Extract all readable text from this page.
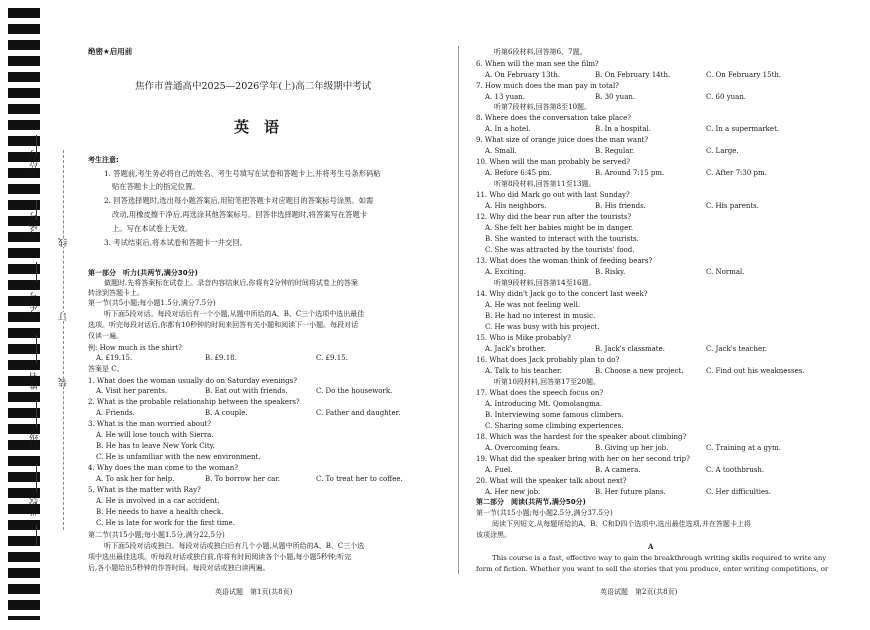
座位号
考场号
考生号
姓名
班级
学校
线
订
装
绝密★启用前
焦作市普通高中2025—2026学年(上)高二年级期中考试
英　语
考生注意:
1. 答题前,考生务必将自己的姓名、考生号填写在试卷和答题卡上,并将考生号条形码粘
贴在答题卡上的指定位置。
2. 回答选择题时,选出每小题答案后,用铅笔把答题卡对应题目的答案标号涂黑。如需
改动,用橡皮擦干净后,再选涂其他答案标号。回答非选择题时,将答案写在答题卡
上。写在本试卷上无效。
3. 考试结束后,将本试卷和答题卡一并交回。
第一部分　听力(共两节,满分30分)
做题时,先将答案标在试卷上。录音内容结束后,你将有2分钟的时间将试卷上的答案
转涂到答题卡上。
第一节(共5小题;每小题1.5分,满分7.5分)
听下面5段对话。每段对话后有一个小题,从题中所给的A、B、C三个选项中选出最佳
选项。听完每段对话后,你都有10秒钟的时间来回答有关小题和阅读下一小题。每段对话
仅读一遍。
例: How much is the shirt?
A. £19.15.	B. £9.18.	C. £9.15.
答案是 C。
1. What does the woman usually do on Saturday evenings?
A. Visit her parents.	B. Eat out with friends.	C. Do the housework.
2. What is the probable relationship between the speakers?
A. Friends.	B. A couple.	C. Father and daughter.
3. What is the man worried about?
A. He will lose touch with Sierra.
B. He has to leave New York City.
C. He is unfamiliar with the new environment.
4. Why does the man come to the woman?
A. To ask her for help.	B. To borrow her car.	C. To treat her to coffee.
5. What is the matter with Ray?
A. He is involved in a car accident.
B. He needs to have a health check.
C. He is late for work for the first time.
第二节(共15小题;每小题1.5分,满分22.5分)
听下面5段对话或独白。每段对话或独白后有几个小题,从题中所给的A、B、C三个选
项中选出最佳选项。听每段对话或独白前,你将有时间阅读各个小题,每小题5秒钟;听完
后,各小题给出5秒钟的作答时间。每段对话或独白读两遍。
英语试题　第1页(共8页)
听第6段材料,回答第6、7题。
6. When will the man see the film?
A. On February 13th.	B. On February 14th.	C. On February 15th.
7. How much does the man pay in total?
A. 13 yuan.	B. 30 yuan.	C. 60 yuan.
听第7段材料,回答第8至10题。
8. Where does the conversation take place?
A. In a hotel.	B. In a hospital.	C. In a supermarket.
9. What size of orange juice does the man want?
A. Small.	B. Regular.	C. Large.
10. When will the man probably be served?
A. Before 6:45 pm.	B. Around 7:15 pm.	C. After 7:30 pm.
听第8段材料,回答第11至13题。
11. Who did Mark go out with last Sunday?
A. His neighbors.	B. His friends.	C. His parents.
12. Why did the bear run after the tourists?
A. She felt her babies might be in danger.
B. She wanted to interact with the tourists.
C. She was attracted by the tourists' food.
13. What does the woman think of feeding bears?
A. Exciting.	B. Risky.	C. Normal.
听第9段材料,回答第14至16题。
14. Why didn't Jack go to the concert last week?
A. He was not feeling well.
B. He had no interest in music.
C. He was busy with his project.
15. Who is Mike probably?
A. Jack's brother.	B. Jack's classmate.	C. Jack's teacher.
16. What does Jack probably plan to do?
A. Talk to his teacher.	B. Choose a new project.	C. Find out his weaknesses.
听第10段材料,回答第17至20题。
17. What does the speech focus on?
A. Introducing Mt. Qomolangma.
B. Interviewing some famous climbers.
C. Sharing some climbing experiences.
18. Which was the hardest for the speaker about climbing?
A. Overcoming fears.	B. Giving up her job.	C. Training at a gym.
19. What did the speaker bring with her on her second trip?
A. Fuel.	B. A camera.	C. A toothbrush.
20. What will the speaker talk about next?
A. Her new job.	B. Her future plans.	C. Her difficulties.
第二部分　阅读(共两节,满分50分)
第一节(共15小题;每小题2.5分,满分37.5分)
阅读下列短文,从每题所给的A、B、C和D四个选项中,选出最佳选项,并在答题卡上将
该项涂黑。
A
This course is a fast, effective way to gain the breakthrough writing skills required to write any
form of fiction. Whether you want to sell the stories that you produce, enter writing competitions, or
英语试题　第2页(共8页)
